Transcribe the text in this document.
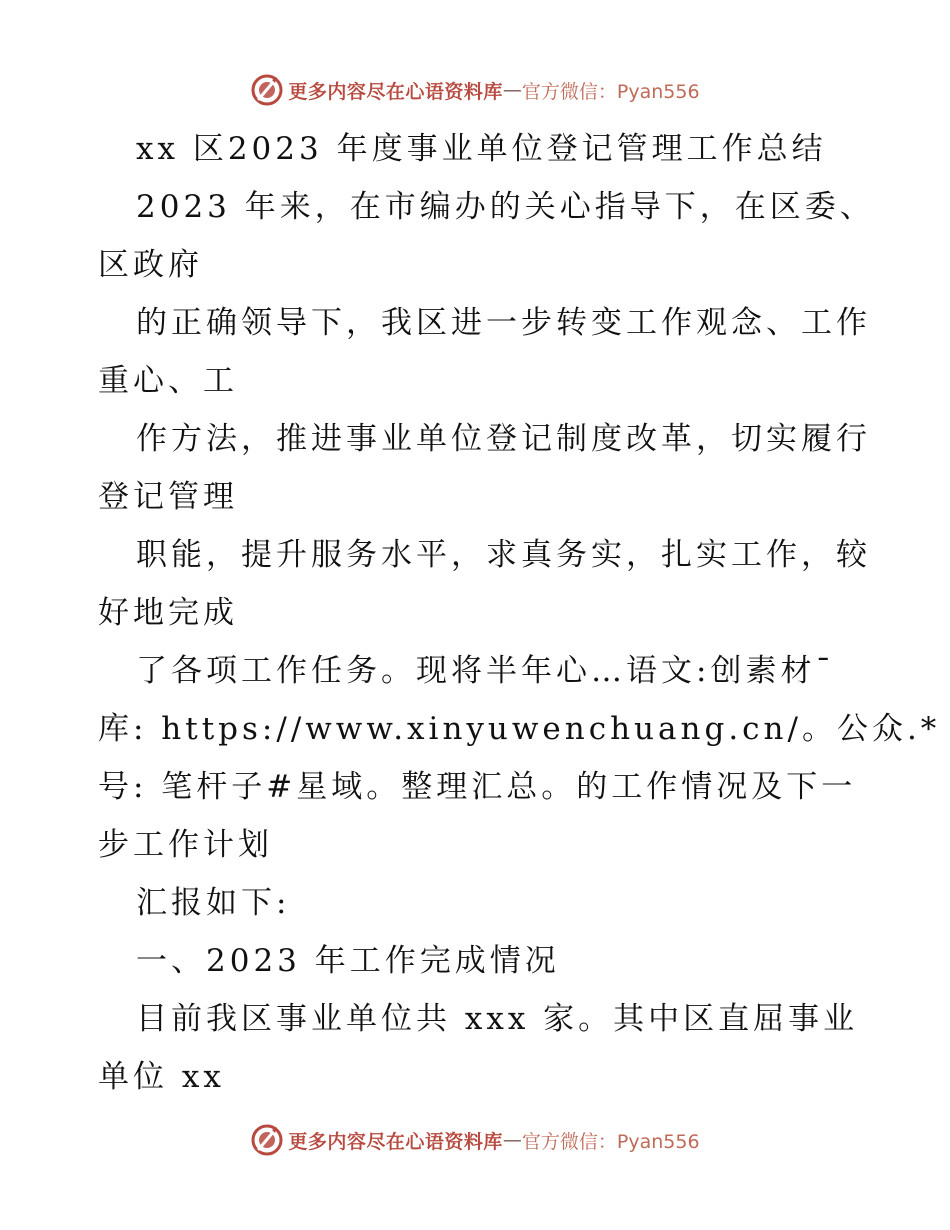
更多内容尽在心语资料库 — 官方微信：Pyan556
xx 区2023 年度事业单位登记管理工作总结
2023 年来，在市编办的关心指导下，在区委、
区政府
的正确领导下，我区进一步转变工作观念、工作
重心、工
作方法，推进事业单位登记制度改革，切实履行
登记管理
职能，提升服务水平，求真务实，扎实工作，较
好地完成
了各项工作任务。现将半年心…语文:创素材¯
库: https://www.xinyuwenchuang.cn/。公众.*
号: 笔杆子#星域。整理汇总。的工作情况及下一
步工作计划
汇报如下:
一、2023 年工作完成情况
目前我区事业单位共 xxx 家。其中区直屈事业
单位 xx
更多内容尽在心语资料库 — 官方微信：Pyan556
